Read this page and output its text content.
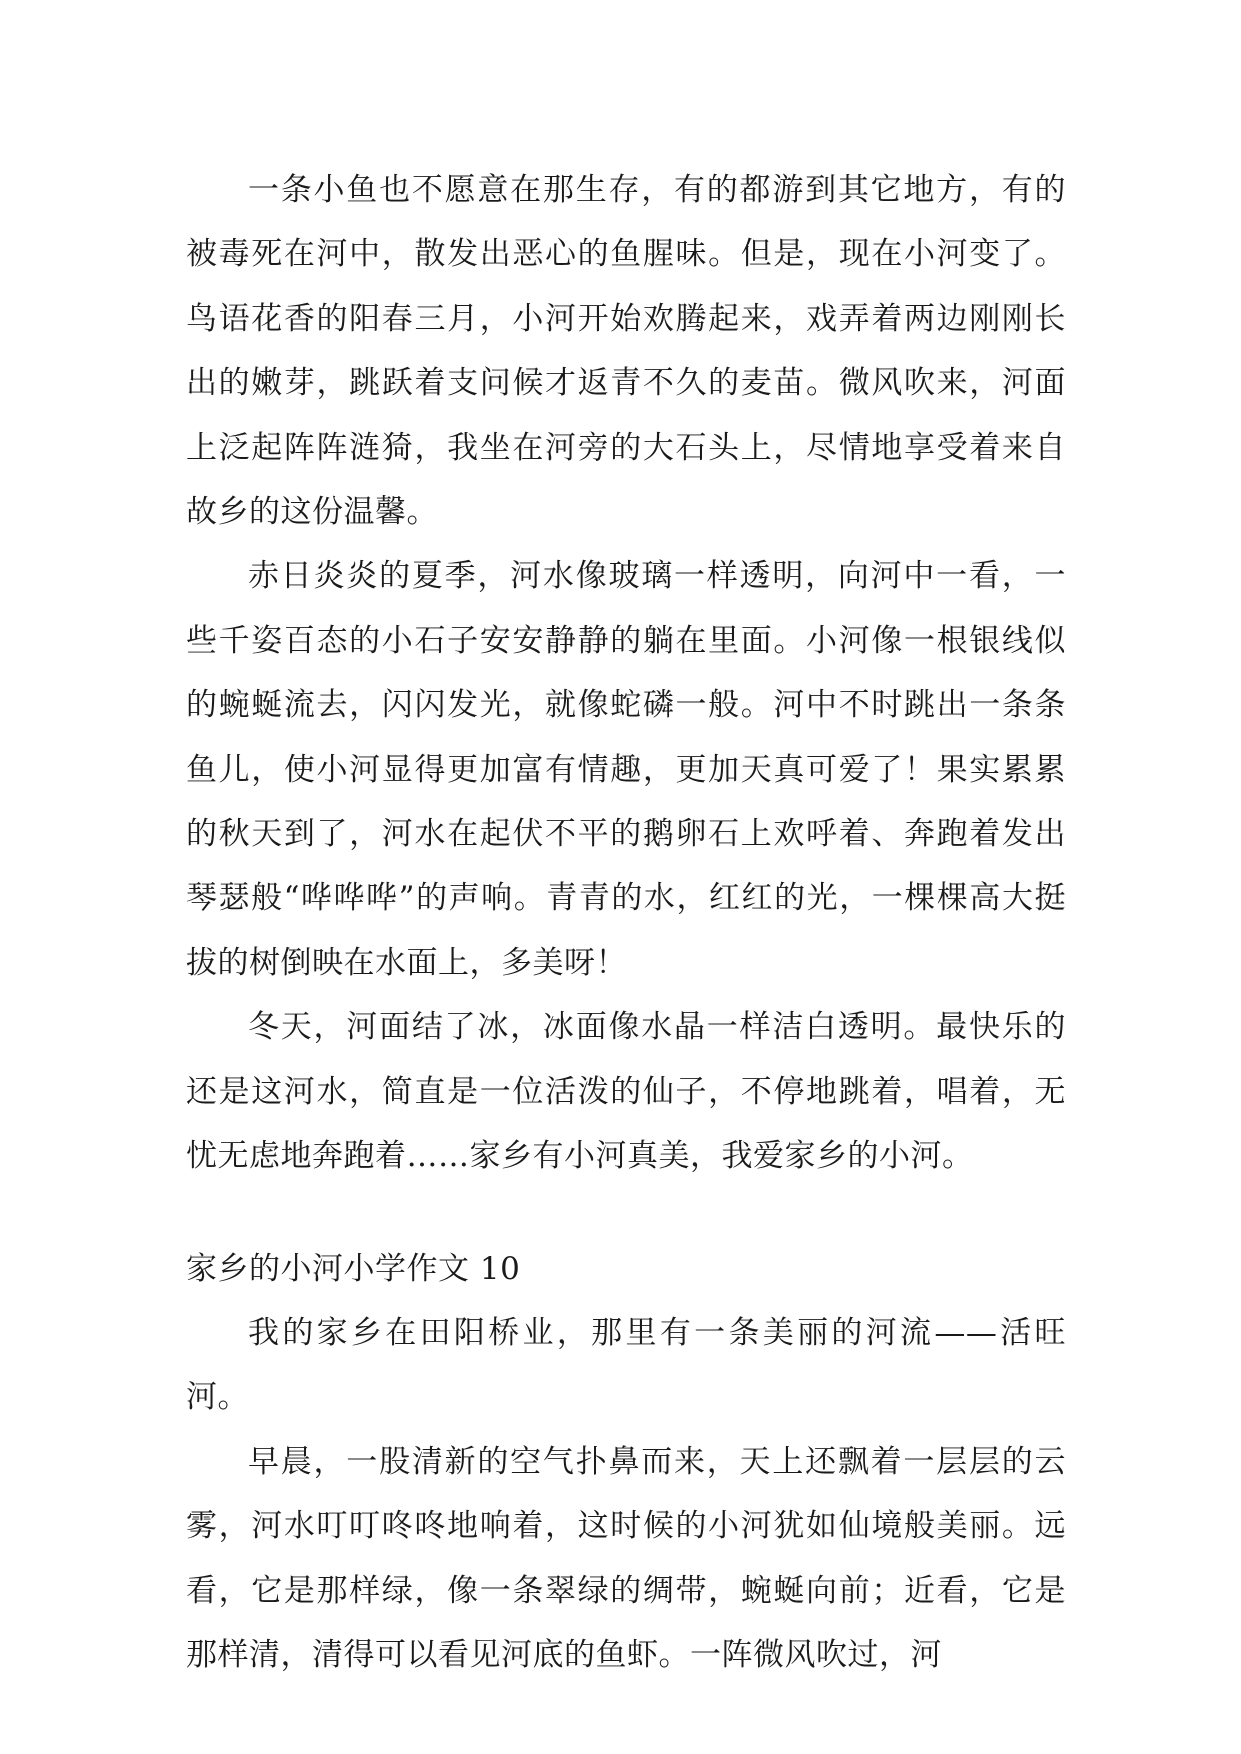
一条小鱼也不愿意在那生存，有的都游到其它地方，有的被毒死在河中，散发出恶心的鱼腥味。但是，现在小河变了。鸟语花香的阳春三月，小河开始欢腾起来，戏弄着两边刚刚长出的嫩芽，跳跃着支问候才返青不久的麦苗。微风吹来，河面上泛起阵阵涟猗，我坐在河旁的大石头上，尽情地享受着来自故乡的这份温馨。

赤日炎炎的夏季，河水像玻璃一样透明，向河中一看，一些千姿百态的小石子安安静静的躺在里面。小河像一根银线似的蜿蜒流去，闪闪发光，就像蛇磷一般。河中不时跳出一条条鱼儿，使小河显得更加富有情趣，更加天真可爱了！果实累累的秋天到了，河水在起伏不平的鹅卵石上欢呼着、奔跑着发出琴瑟般“哗哗哗”的声响。青青的水，红红的光，一棵棵高大挺拔的树倒映在水面上，多美呀！

冬天，河面结了冰，冰面像水晶一样洁白透明。最快乐的还是这河水，简直是一位活泼的仙子，不停地跳着，唱着，无忧无虑地奔跑着……家乡有小河真美，我爱家乡的小河。

家乡的小河小学作文 10

我的家乡在田阳桥业，那里有一条美丽的河流——活旺河。

早晨，一股清新的空气扑鼻而来，天上还飘着一层层的云雾，河水叮叮咚咚地响着，这时候的小河犹如仙境般美丽。远看，它是那样绿，像一条翠绿的绸带，蜿蜒向前；近看，它是那样清，清得可以看见河底的鱼虾。一阵微风吹过，河
